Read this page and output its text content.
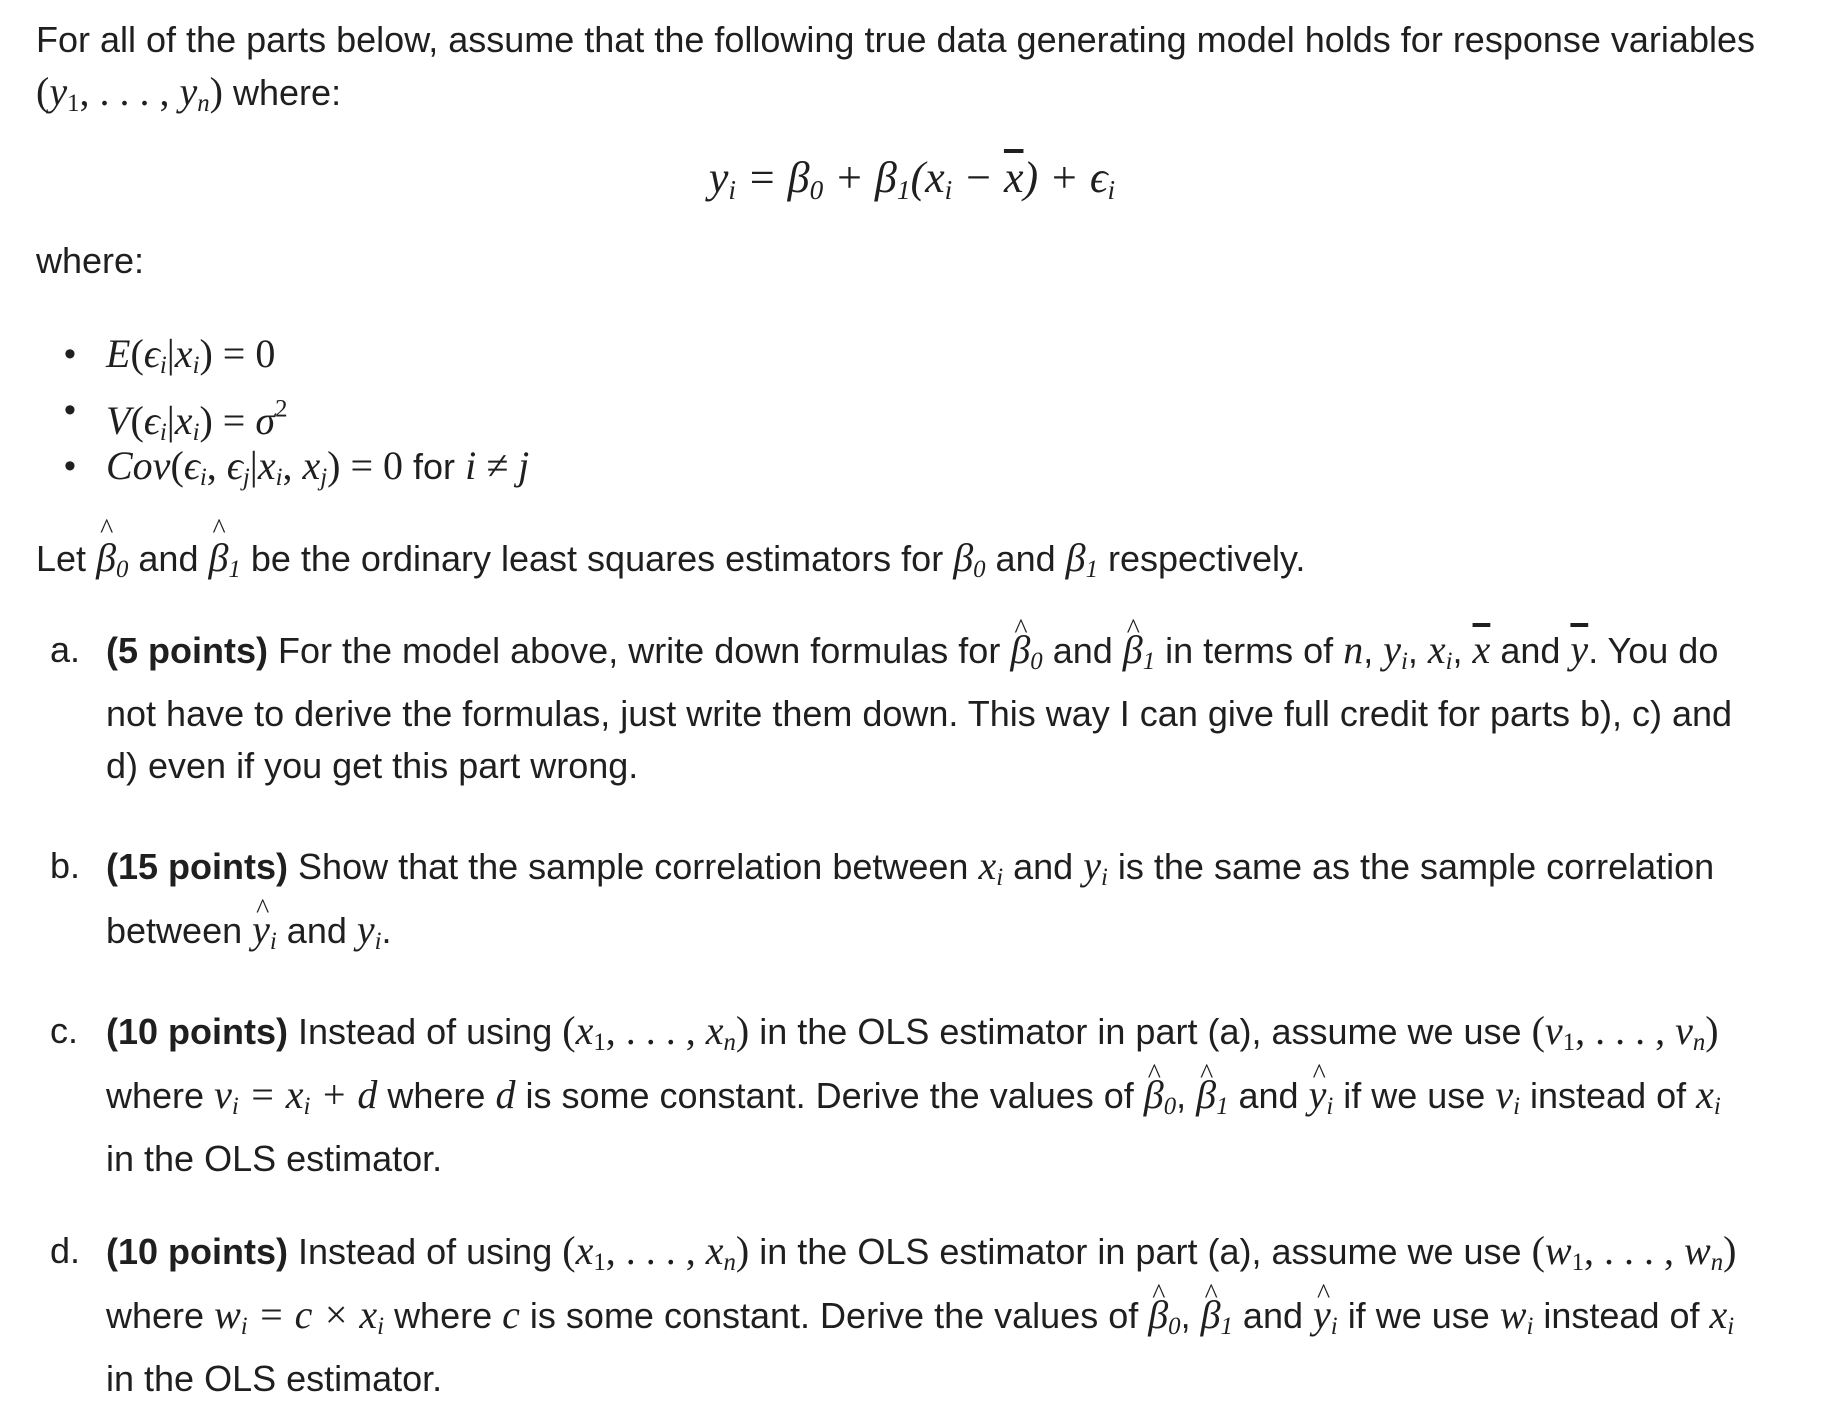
For all of the parts below, assume that the following true data generating model holds for response variables ($y_1$, . . . , $y_n$) where:

$y_i = \beta_0 + \beta_1(x_i - \overline{x}) + \epsilon_i$

where:

• $E(\epsilon_i|x_i) = 0$
• $V(\epsilon_i|x_i) = \sigma^2$
• $Cov(\epsilon_i$, $\epsilon_j|x_i$, $x_j) = 0$ for i ≠ j

Let ^ $\beta_0$ and ^ $\beta_1$ be the ordinary least squares estimators for $\beta_0$ and $\beta_1$ respectively.

a. (5 points) For the model above, write down formulas for ^ $\beta_0$ and ^ $\beta_1$ in terms of n, $y_i$, $x_i$, $\overline{x}$ and $\overline{y}$. You do not have to derive the formulas, just write them down. This way I can give full credit for parts b), c) and d) even if you get this part wrong.
b. (15 points) Show that the sample correlation between $x_i$ and $y_i$ is the same as the sample correlation between ^ $y_i$ and $y_i$.
c. (10 points) Instead of using ($x_1$, . . . , $x_n$) in the OLS estimator in part (a), assume we use ($v_1$, . . . , $v_n$) where $v_i = x_i + d$ where d is some constant. Derive the values of ^ $\beta_0$, ^ $\beta_1$ and ^ $y_i$ if we use $v_i$ instead of $x_i$ in the OLS estimator.
d. (10 points) Instead of using ($x_1$, . . . , $x_n$) in the OLS estimator in part (a), assume we use ($w_1$, . . . , $w_n$) where $w_i = c \times x_i$ where c is some constant. Derive the values of ^ $\beta_0$, ^ $\beta_1$ and ^ $y_i$ if we use $w_i$ instead of $x_i$ in the OLS estimator.
